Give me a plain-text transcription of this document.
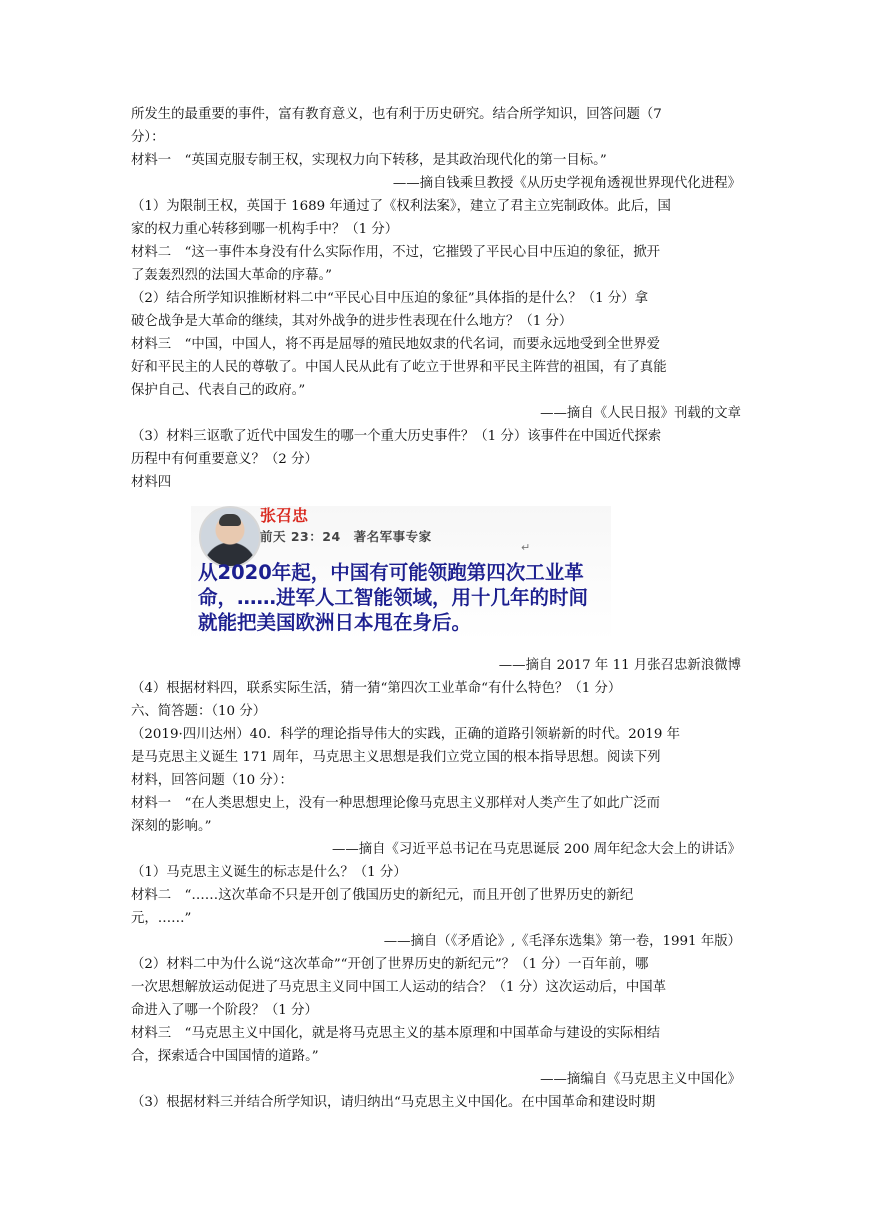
所发生的最重要的事件，富有教育意义，也有利于历史研究。结合所学知识，回答问题（7
分）：
材料一　“英国克服专制王权，实现权力向下转移，是其政治现代化的第一目标。”
——摘自钱乘旦教授《从历史学视角透视世界现代化进程》
（1）为限制王权，英国于 1689 年通过了《权利法案》，建立了君主立宪制政体。此后，国
家的权力重心转移到哪一机构手中？（1 分）
材料二　“这一事件本身没有什么实际作用，不过，它摧毁了平民心目中压迫的象征，掀开
了轰轰烈烈的法国大革命的序幕。”
（2）结合所学知识推断材料二中“平民心目中压迫的象征”具体指的是什么？（1 分）拿
破仑战争是大革命的继续，其对外战争的进步性表现在什么地方？（1 分）
材料三　“中国，中国人，将不再是屈辱的殖民地奴隶的代名词，而要永远地受到全世界爱
好和平民主的人民的尊敬了。中国人民从此有了屹立于世界和平民主阵营的祖国，有了真能
保护自己、代表自己的政府。”
——摘自《人民日报》刊载的文章
（3）材料三讴歌了近代中国发生的哪一个重大历史事件？（1 分）该事件在中国近代探索
历程中有何重要意义？（2 分）
材料四
张召忠
前天 23：24　著名军事专家
↵
从2020年起，中国有可能领跑第四次工业革
命，……进军人工智能领域，用十几年的时间
就能把美国欧洲日本甩在身后。
——摘自 2017 年 11 月张召忠新浪微博
（4）根据材料四，联系实际生活，猜一猜“第四次工业革命“有什么特色？（1 分）
六、简答题：（10 分）
（2019·四川达州）40．科学的理论指导伟大的实践，正确的道路引领崭新的时代。2019 年
是马克思主义诞生 171 周年，马克思主义思想是我们立党立国的根本指导思想。阅读下列
材料，回答问题（10 分）：
材料一　“在人类思想史上，没有一种思想理论像马克思主义那样对人类产生了如此广泛而
深刻的影响。”
——摘自《习近平总书记在马克思诞辰 200 周年纪念大会上的讲话》
（1）马克思主义诞生的标志是什么？（1 分）
材料二　“……这次革命不只是开创了俄国历史的新纪元，而且开创了世界历史的新纪
元，……”
——摘自（《矛盾论》,《毛泽东选集》第一卷，1991 年版）
（2）材料二中为什么说“这次革命”“开创了世界历史的新纪元”？（1 分）一百年前，哪
一次思想解放运动促进了马克思主义同中国工人运动的结合？（1 分）这次运动后，中国革
命进入了哪一个阶段？（1 分）
材料三　“马克思主义中国化，就是将马克思主义的基本原理和中国革命与建设的实际相结
合，探索适合中国国情的道路。”
——摘编自《马克思主义中国化》
（3）根据材料三并结合所学知识，请归纳出“马克思主义中国化。在中国革命和建设时期
